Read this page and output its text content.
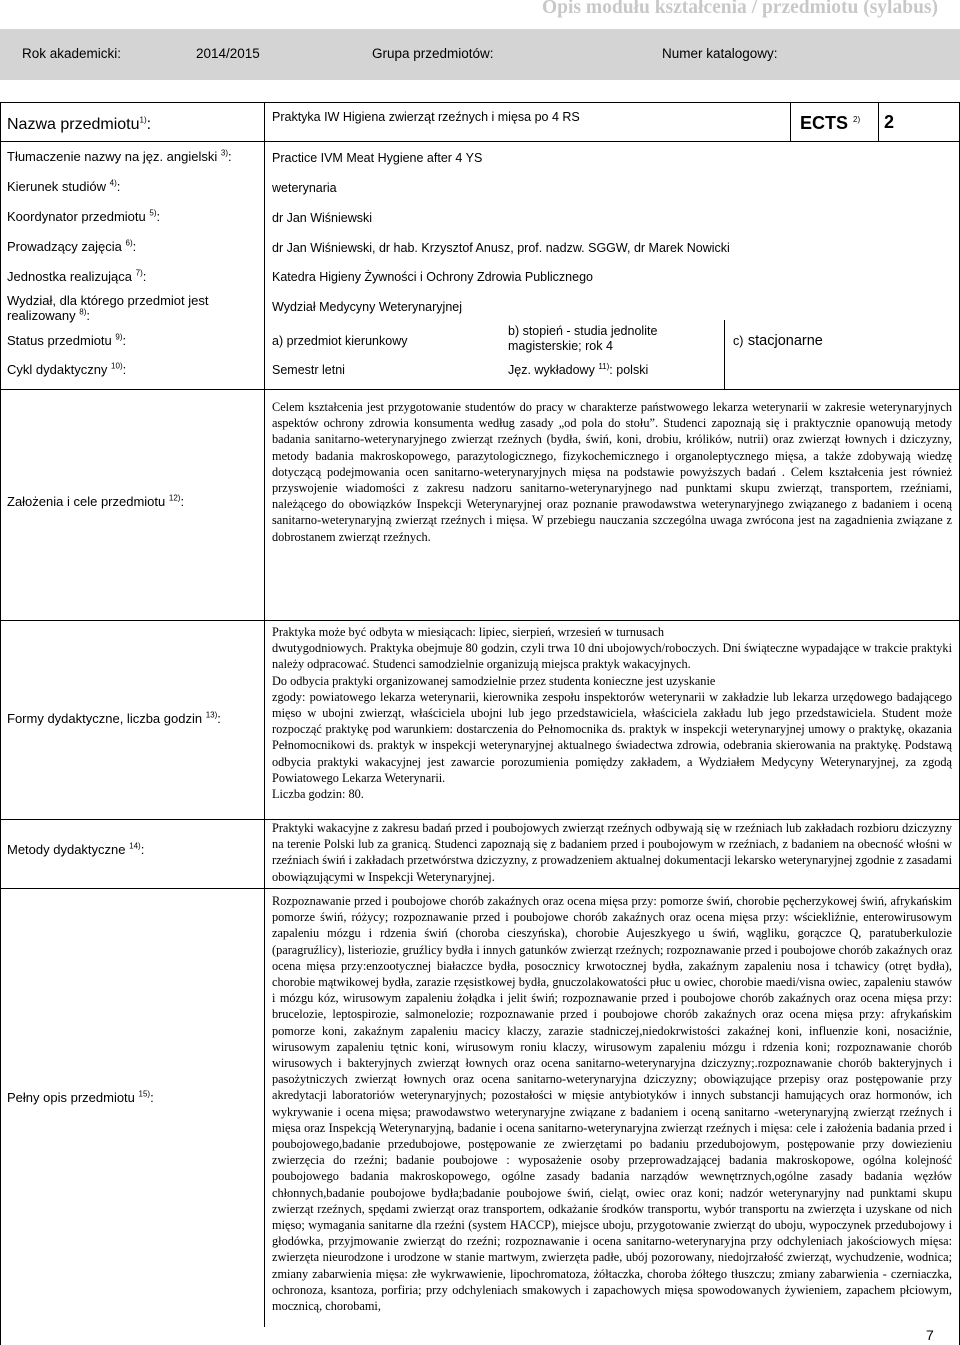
Opis modułu kształcenia / przedmiotu (sylabus)
Rok akademicki:	2014/2015	Grupa przedmiotów:	Numer katalogowy:
Nazwa przedmiotu$^{1)}$:	Praktyka IW Higiena zwierząt rzeźnych i mięsa po 4 RS	ECTS $^{2)}$ 2
Tłumaczenie nazwy na jęz. angielski $^{3)}$:	Practice IVM Meat Hygiene after 4 YS
Kierunek studiów $^{4)}$:	weterynaria
Koordynator przedmiotu $^{5)}$:	dr Jan Wiśniewski
Prowadzący zajęcia $^{6)}$:	dr Jan Wiśniewski, dr hab. Krzysztof Anusz, prof. nadzw. SGGW, dr Marek Nowicki
Jednostka realizująca $^{7)}$:	Katedra Higieny Żywności i Ochrony Zdrowia Publicznego
Wydział, dla którego przedmiot jest
realizowany $^{8)}$:
Wydział Medycyny Weterynaryjnej
Status przedmiotu $^{9)}$:	a) przedmiot kierunkowy
b) stopień - studia jednolite
magisterskie; rok 4	c) stacjonarne
Cykl dydaktyczny $^{10)}$:	Semestr letni	Jęz. wykładowy $^{11)}$: polski
Założenia i cele przedmiotu $^{12)}$:
Celem kształcenia jest przygotowanie studentów do pracy w charakterze państwowego lekarza weterynarii w zakresie weterynaryjnych aspektów ochrony zdrowia konsumenta według zasady „od pola do stołu”. Studenci zapoznają się i praktycznie opanowują metody badania sanitarno-weterynaryjnego zwierząt rzeźnych (bydła, świń, koni, drobiu, królików, nutrii) oraz zwierząt łownych i dziczyzny, metody badania makroskopowego, parazytologicznego, fizykochemicznego i organoleptycznego mięsa, a także zdobywają wiedzę dotyczącą podejmowania ocen sanitarno-weterynaryjnych mięsa na podstawie powyższych badań . Celem kształcenia jest również przyswojenie wiadomości z zakresu nadzoru sanitarno-weterynaryjnego nad punktami skupu zwierząt, transportem, rzeźniami, należącego do obowiązków Inspekcji Weterynaryjnej oraz poznanie prawodawstwa weterynaryjnego związanego z badaniem i oceną sanitarno-weterynaryjną zwierząt rzeźnych i mięsa. W przebiegu nauczania szczególna uwaga zwrócona jest na zagadnienia związane z dobrostanem zwierząt rzeźnych.
Formy dydaktyczne, liczba godzin $^{13)}$:

Praktyka może być odbyta w miesiącach: lipiec, sierpień, wrzesień w turnusach

dwutygodniowych. Praktyka obejmuje 80 godzin, czyli trwa 10 dni ubojowych/roboczych. Dni świąteczne wypadające w trakcie praktyki należy odpracować. Studenci samodzielnie organizują miejsca praktyk wakacyjnych.

Do odbycia praktyki organizowanej samodzielnie przez studenta konieczne jest uzyskanie

zgody: powiatowego lekarza weterynarii, kierownika zespołu inspektorów weterynarii w zakładzie lub lekarza urzędowego badającego mięso w ubojni zwierząt, właściciela ubojni lub jego przedstawiciela, właściciela zakładu lub jego przedstawiciela. Student może rozpocząć praktykę pod warunkiem: dostarczenia do Pełnomocnika ds. praktyk w inspekcji weterynaryjnej umowy o praktykę, okazania Pełnomocnikowi ds. praktyk w inspekcji weterynaryjnej aktualnego świadectwa zdrowia, odebrania skierowania na praktykę. Podstawą odbycia praktyki wakacyjnej jest zawarcie porozumienia pomiędzy zakładem, a Wydziałem Medycyny Weterynaryjnej, za zgodą Powiatowego Lekarza Weterynarii.

Liczba godzin: 80.

Metody dydaktyczne $^{14)}$:
Praktyki wakacyjne z zakresu badań przed i poubojowych zwierząt rzeźnych odbywają się w rzeźniach lub zakładach rozbioru dziczyzny na terenie Polski lub za granicą. Studenci zapoznają się z badaniem przed i poubojowym w rzeźniach, z badaniem na obecność włośni w rzeźniach świń i zakładach przetwórstwa dziczyzny, z prowadzeniem aktualnej dokumentacji lekarsko weterynaryjnej zgodnie z zasadami obowiązującymi w Inspekcji Weterynaryjnej.
Pełny opis przedmiotu $^{15)}$:
Rozpoznawanie przed i poubojowe chorób zakaźnych oraz ocena mięsa przy: pomorze świń, chorobie pęcherzykowej świń, afrykańskim pomorze świń, różycy; rozpoznawanie przed i poubojowe chorób zakaźnych oraz ocena mięsa przy: wściekliźnie, enterowirusowym zapaleniu mózgu i rdzenia świń (choroba cieszyńska), chorobie Aujeszkyego u świń, wągliku, gorączce Q, paratuberkulozie (paragruźlicy), listeriozie, gruźlicy bydła i innych gatunków zwierząt rzeźnych; rozpoznawanie przed i poubojowe chorób zakaźnych oraz ocena mięsa przy:enzootycznej białaczce bydła, posocznicy krwotocznej bydła, zakaźnym zapaleniu nosa i tchawicy (otręt bydła), chorobie mątwikowej bydła, zarazie rzęsistkowej bydła, gnuczolakowatości płuc u owiec, chorobie maedi/visna owiec, zapaleniu stawów i mózgu kóz, wirusowym zapaleniu żołądka i jelit świń; rozpoznawanie przed i poubojowe chorób zakaźnych oraz ocena mięsa przy: brucelozie, leptospirozie, salmonelozie; rozpoznawanie przed i poubojowe chorób zakaźnych oraz ocena mięsa przy: afrykańskim pomorze koni, zakaźnym zapaleniu macicy klaczy, zarazie stadniczej,niedokrwistości zakaźnej koni, influenzie koni, nosaciźnie, wirusowym zapaleniu tętnic koni, wirusowym roniu klaczy, wirusowym zapaleniu mózgu i rdzenia koni; rozpoznawanie chorób wirusowych i bakteryjnych zwierząt łownych oraz ocena sanitarno-weterynaryjna dziczyzny;.rozpoznawanie chorób bakteryjnych i pasożytniczych zwierząt łownych oraz ocena sanitarno-weterynaryjna dziczyzny; obowiązujące przepisy oraz postępowanie przy akredytacji laboratoriów weterynaryjnych; pozostałości w mięsie antybiotyków i innych substancji hamujących oraz hormonów, ich wykrywanie i ocena mięsa; prawodawstwo weterynaryjne związane z badaniem i oceną sanitarno -weterynaryjną zwierząt rzeźnych i mięsa oraz Inspekcją Weterynaryjną, badanie i ocena sanitarno-weterynaryjna zwierząt rzeźnych i mięsa: cele i założenia badania przed i poubojowego,badanie przedubojowe, postępowanie ze zwierzętami po badaniu przedubojowym, postępowanie przy dowiezieniu zwierzęcia do rzeźni; badanie poubojowe : wyposażenie osoby przeprowadzającej badania makroskopowe, ogólna kolejność poubojowego badania makroskopowego, ogólne zasady badania narządów wewnętrznych,ogólne zasady badania węzłów chłonnych,badanie poubojowe bydła;badanie poubojowe świń, cieląt, owiec oraz koni; nadzór weterynaryjny nad punktami skupu zwierząt rzeźnych, spędami zwierząt oraz transportem, odkażanie środków transportu, wybór transportu na zwierzęta i uzyskane od nich mięso; wymagania sanitarne dla rzeźni (system HACCP), miejsce uboju, przygotowanie zwierząt do uboju, wypoczynek przedubojowy i głodówka, przyjmowanie zwierząt do rzeźni; rozpoznawanie i ocena sanitarno-weterynaryjna przy odchyleniach jakościowych mięsa: zwierzęta nieurodzone i urodzone w stanie martwym, zwierzęta padłe, ubój pozorowany, niedojrzałość zwierząt, wychudzenie, wodnica; zmiany zabarwienia mięsa: złe wykrwawienie, lipochromatoza, żółtaczka, choroba żółtego tłuszczu; zmiany zabarwienia - czerniaczka, ochronoza, ksantoza, porfiria; przy odchyleniach smakowych i zapachowych mięsa spowodowanych żywieniem, zapachem płciowym, mocznicą, chorobami,
7
